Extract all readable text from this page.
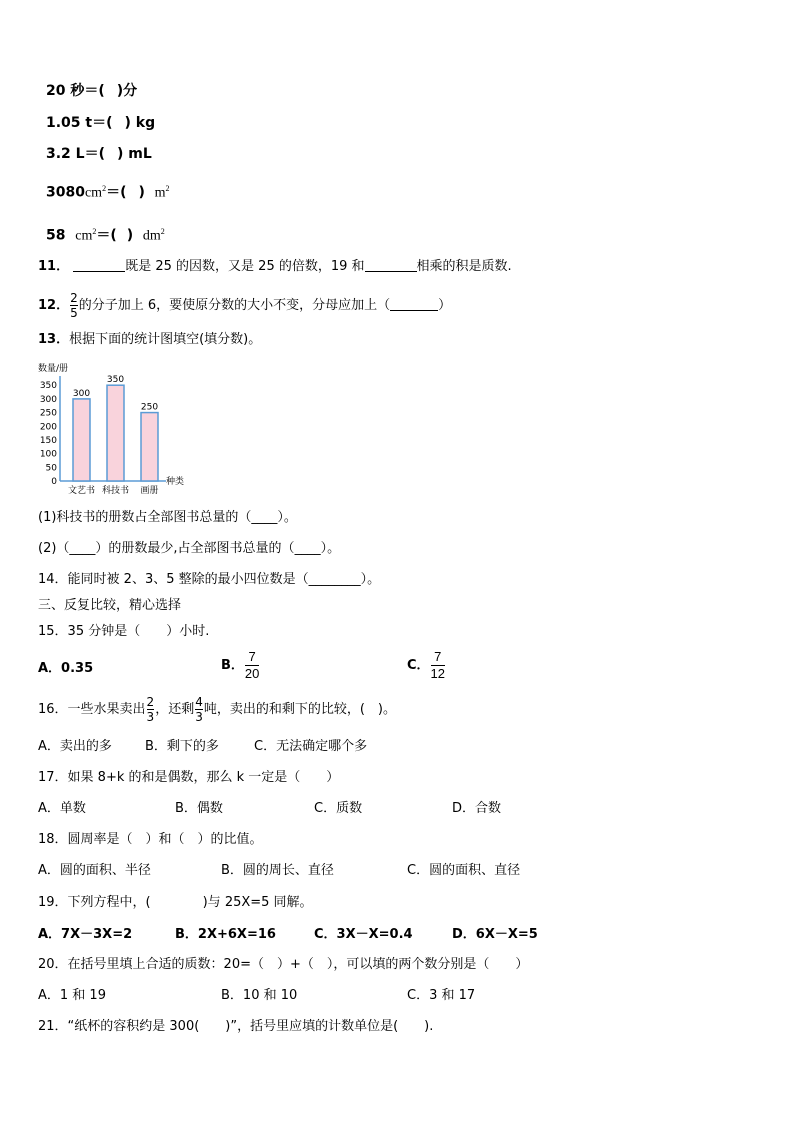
20 秒＝( )分
1.05 t＝( ) kg
3.2 L＝( ) mL
$3080cm^2=$( ) $m^2$
58 $cm^2=$( ) $dm^2$
11．	既是 25 的因数，又是 25 的倍数，19 和	相乘的积是质数.
12． $\frac{2}{5}$ 的分子加上 6，要使原分数的大小不变，分母应加上（	）
13．根据下面的统计图填空(填分数)。
数量/册
0
50
100
150
200
250
300
350
300
文艺书
350
科技书
250
画册
种类
(1)科技书的册数占全部图书总量的（____）。
(2)（____）的册数最少,占全部图书总量的（____）。
14．能同时被 2、3、5 整除的最小四位数是（________）。
三、反复比较，精心选择
15．35 分钟是（　　）小时.
A．0.35	B． $\frac{7}{20}$	C． $\frac{7}{12}$
16．一些水果卖出 $\frac{2}{3}$ ，还剩 $\frac{4}{3}$ 吨，卖出的和剩下的比较，(　)。
A．卖出的多	B．剩下的多	C．无法确定哪个多
17．如果 8+k 的和是偶数，那么 k 一定是（　　）
A．单数	B．偶数	C．质数	D．合数
18．圆周率是（　）和（　）的比值。
A．圆的面积、半径	B．圆的周长、直径	C．圆的面积、直径
19．下列方程中，(　　　　)与 25X=5 同解。
A．7X－3X=2	B．2X+6X=16	C．3X－X=0.4	D．6X－X=5
20．在括号里填上合适的质数：20=（　）+（　），可以填的两个数分别是（　　）
A．1 和 19	B．10 和 10	C．3 和 17
21．“纸杯的容积约是 300(　　)”，括号里应填的计数单位是(　　).
